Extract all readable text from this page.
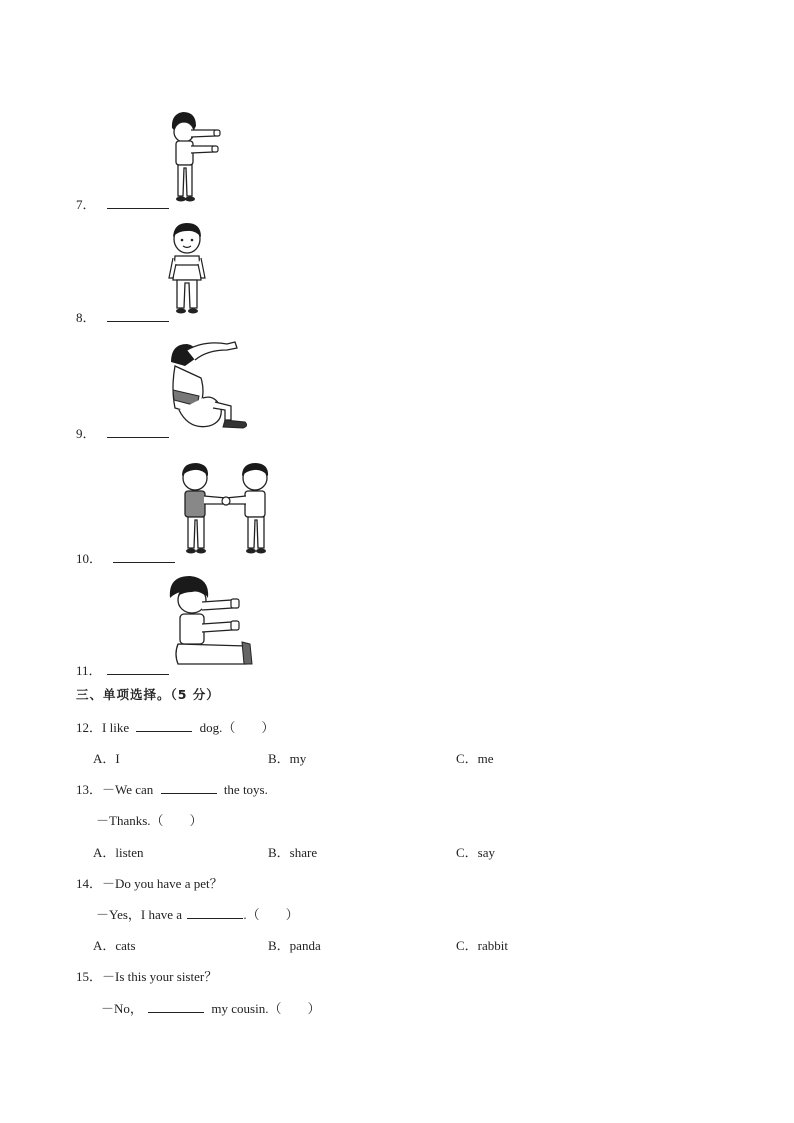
7．
8．
9．
10．
11．
三、单项选择。（5 分）
12．I like	dog.（　　）
A．I	B．my	C．me
13．－We can	the toys.
－Thanks.（　　）
A．listen	B．share	C．say
14．－Do you have a pet？
－Yes，I have a	.（　　）
A．cats	B．panda	C．rabbit
15．－Is this your sister？
－No，	my cousin.（　　）
